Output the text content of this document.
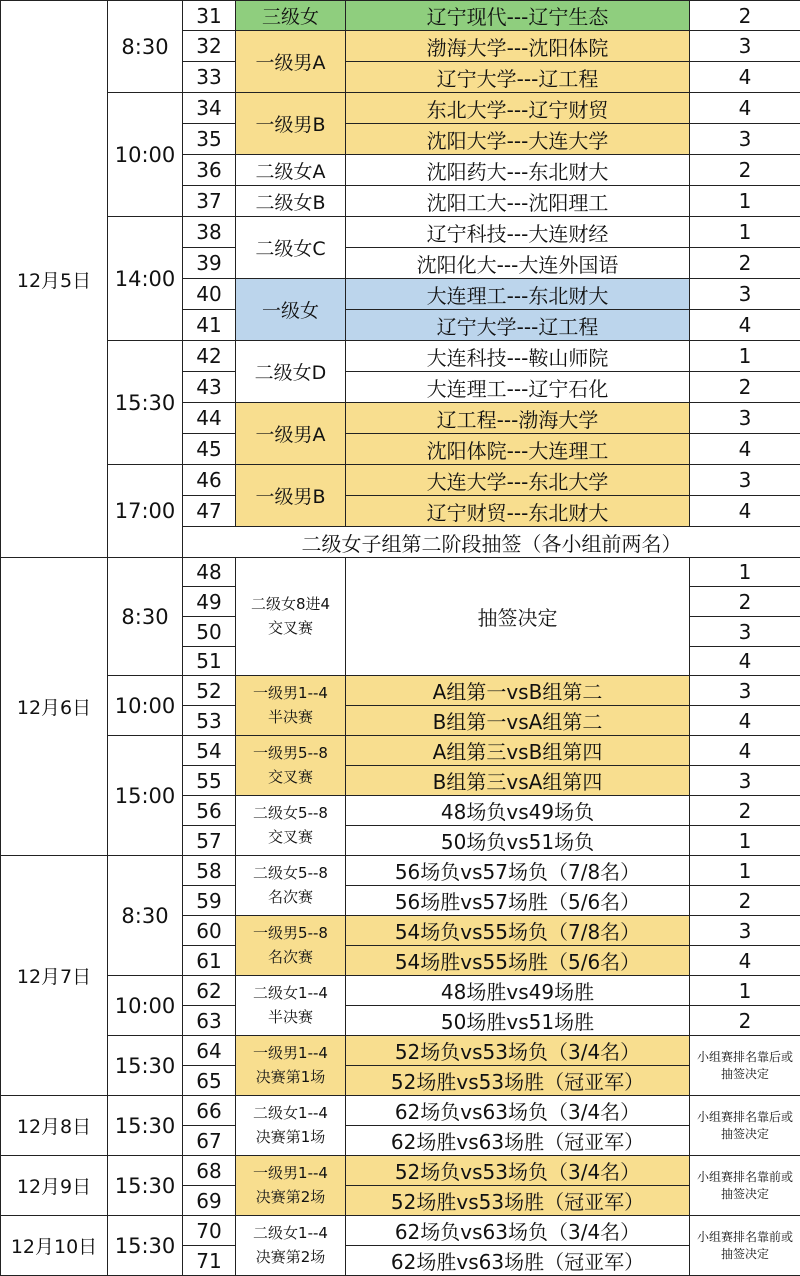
12月5日	8:30	31	三级女	辽宁现代---辽宁生态	2
		32	一级男A	渤海大学---沈阳体院	3
		33		辽宁大学---辽工程	4
	10:00	34	一级男B	东北大学---辽宁财贸	4
		35		沈阳大学---大连大学	3
		36	二级女A	沈阳药大---东北财大	2
		37	二级女B	沈阳工大---沈阳理工	1
	14:00	38	二级女C	辽宁科技---大连财经	1
		39		沈阳化大---大连外国语	2
		40	一级女	大连理工---东北财大	3
		41		辽宁大学---辽工程	4
	15:30	42	二级女D	大连科技---鞍山师院	1
		43		大连理工---辽宁石化	2
		44	一级男A	辽工程---渤海大学	3
		45		沈阳体院---大连理工	4
	17:00	46	一级男B	大连大学---东北大学	3
		47		辽宁财贸---东北财大	4
		二级女子组第二阶段抽签（各小组前两名）			
12月6日	8:30	48	二级女8进4
交叉赛	抽签决定	1
		49			2
		50			3
		51			4
	10:00	52	一级男1--4
半决赛	A组第一vsB组第二	3
		53		B组第一vsA组第二	4
	15:00	54	一级男5--8
交叉赛	A组第三vsB组第四	4
		55		B组第三vsA组第四	3
		56	二级女5--8
交叉赛	48场负vs49场负	2
		57		50场负vs51场负	1
12月7日	8:30	58	二级女5--8
名次赛	56场负vs57场负（7/8名）	1
		59		56场胜vs57场胜（5/6名）	2
		60	一级男5--8
名次赛	54场负vs55场负（7/8名）	3
		61		54场胜vs55场胜（5/6名）	4
	10:00	62	二级女1--4
半决赛	48场胜vs49场胜	1
		63		50场胜vs51场胜	2
	15:30	64	一级男1--4
决赛第1场	52场负vs53场负（3/4名）	小组赛排名靠后或
抽签决定
		65		52场胜vs53场胜（冠亚军）	
12月8日	15:30	66	二级女1--4
决赛第1场	62场负vs63场负（3/4名）	小组赛排名靠后或
抽签决定
		67		62场胜vs63场胜（冠亚军）	
12月9日	15:30	68	一级男1--4
决赛第2场	52场负vs53场负（3/4名）	小组赛排名靠前或
抽签决定
		69		52场胜vs53场胜（冠亚军）	
12月10日	15:30	70	二级女1--4
决赛第2场	62场负vs63场负（3/4名）	小组赛排名靠前或
抽签决定
		71		62场胜vs63场胜（冠亚军）	
